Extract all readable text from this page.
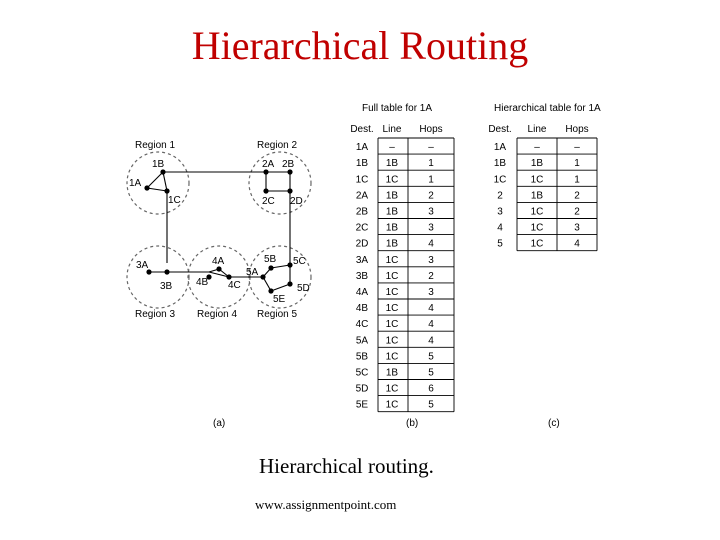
Hierarchical Routing
Region 1	Region 2
Region 3 Region 4 Region 5
1A
1B
1C
2A 2B
2C 2D
3A
3B
4A
4B 4C
5A
5B 5C
5D
5E
(a)
Full table for 1A
Dest. Line Hops
1A –	–
1B 1B	1
1C 1C	1
2A 1B	2
2B 1B	3
2C 1B	3
2D 1B	4
3A 1C	3
3B 1C	2
4A 1C	3
4B 1C	4
4C 1C	4
5A 1C	4
5B 1C	5
5C 1B	5
5D 1C	6
5E 1C	5
(b)
Hierarchical table for 1A
Dest. Line Hops
1A	–	–
1B 1B	1
1C 1C	1
2	1B	2
3	1C	2
4	1C	3
5	1C	4
(c)
Hierarchical routing.
www.assignmentpoint.com
